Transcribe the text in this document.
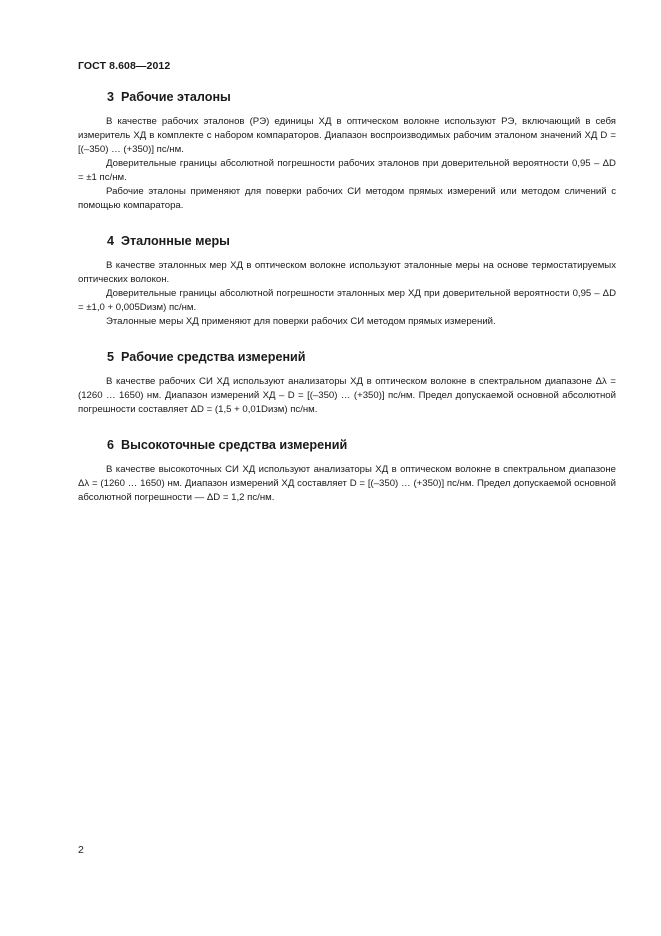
ГОСТ 8.608—2012
3 Рабочие эталоны

В качестве рабочих эталонов (РЭ) единицы ХД в оптическом волокне используют РЭ, включающий в себя измеритель ХД в комплекте с набором компараторов. Диапазон воспроизводимых рабочим эталоном значений ХД D = [(–350) … (+350)] пс/нм.

Доверительные границы абсолютной погрешности рабочих эталонов при доверительной вероятности 0,95 – ΔD = ±1 пс/нм.

Рабочие эталоны применяют для поверки рабочих СИ методом прямых измерений или методом сличений с помощью компаратора.

4 Эталонные меры

В качестве эталонных мер ХД в оптическом волокне используют эталонные меры на основе термостатируемых оптических волокон.

Доверительные границы абсолютной погрешности эталонных мер ХД при доверительной вероятности 0,95 – ΔD = ±1,0 + 0,005Dизм) пс/нм.

Эталонные меры ХД применяют для поверки рабочих СИ методом прямых измерений.

5 Рабочие средства измерений

В качестве рабочих СИ ХД используют анализаторы ХД в оптическом волокне в спектральном диапазоне Δλ = (1260 … 1650) нм. Диапазон измерений ХД – D = [(–350) … (+350)] пс/нм. Предел допускаемой основной абсолютной погрешности составляет ΔD = (1,5 + 0,01Dизм) пс/нм.

6 Высокоточные средства измерений

В качестве высокоточных СИ ХД используют анализаторы ХД в оптическом волокне в спектральном диапазоне Δλ = (1260 … 1650) нм. Диапазон измерений ХД составляет D = [(–350) … (+350)] пс/нм. Предел допускаемой основной абсолютной погрешности — ΔD = 1,2 пс/нм.

2
